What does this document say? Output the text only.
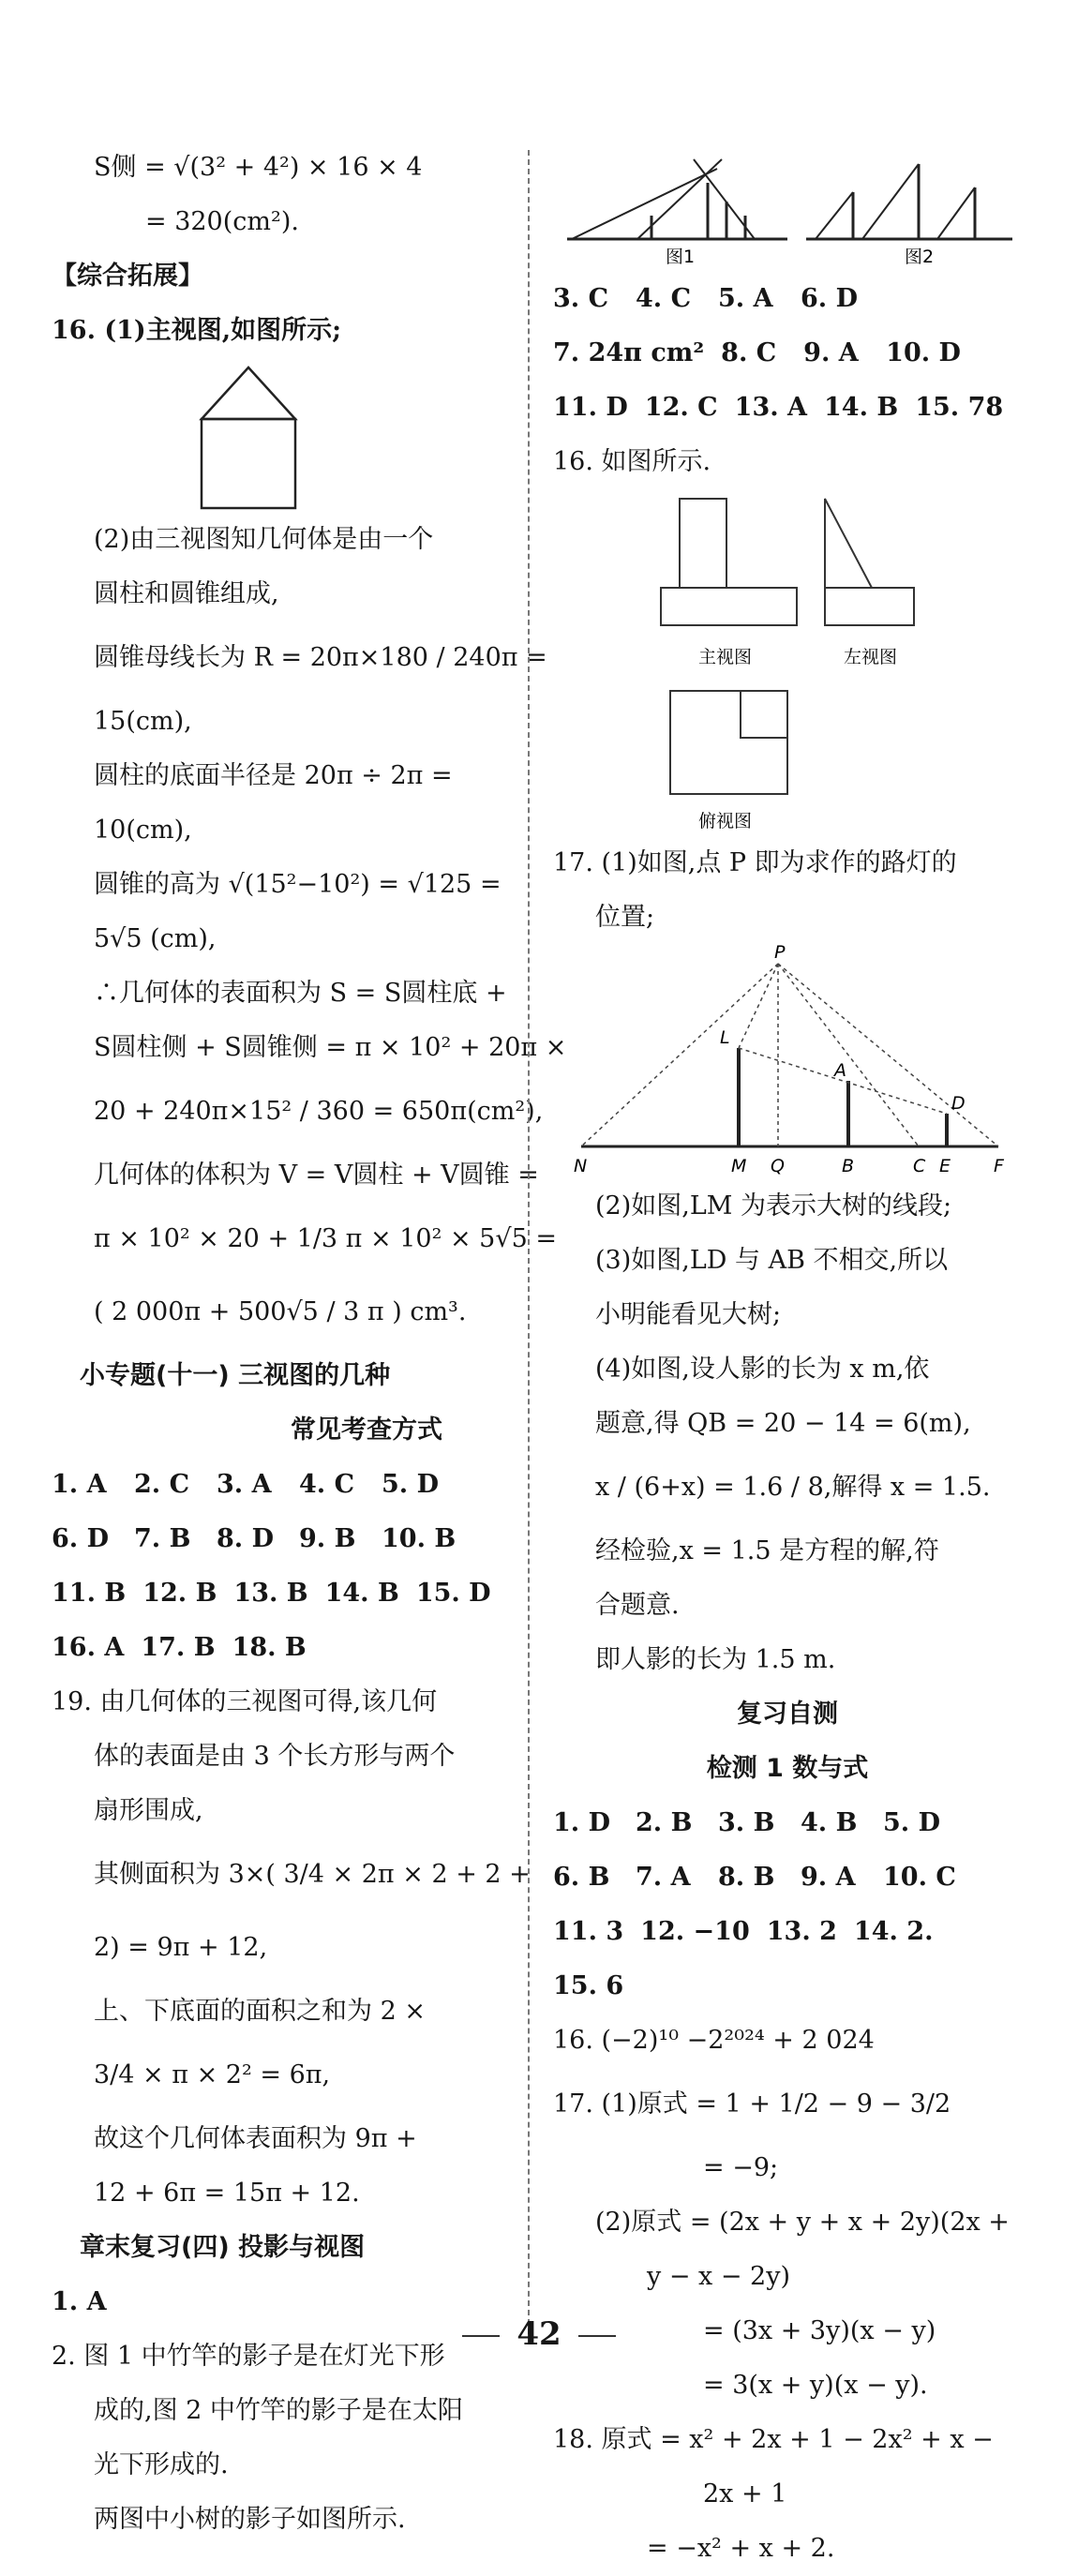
S侧 = √(3² + 4²) × 16 × 4
= 320(cm²).
【综合拓展】
16. (1)主视图,如图所示;
(2)由三视图知几何体是由一个
圆柱和圆锥组成,
圆锥母线长为 R = 20π×180 / 240π =
15(cm),
圆柱的底面半径是 20π ÷ 2π =
10(cm),
圆锥的高为 √(15²−10²) = √125 =
5√5 (cm),
∴几何体的表面积为 S = S圆柱底 +
S圆柱侧 + S圆锥侧 = π × 10² + 20π ×
20 + 240π×15² / 360 = 650π(cm²),
几何体的体积为 V = V圆柱 + V圆锥 =
π × 10² × 20 + 1/3 π × 10² × 5√5 =
( 2 000π + 500√5 / 3 π ) cm³.
小专题(十一) 三视图的几种
常见考查方式
1. A	2. C	3. A	4. C	5. D
6. D 7. B	8. D 9. B	10. B
11. B 12. B 13. B 14. B 15. D
16. A 17. B 18. B
19. 由几何体的三视图可得,该几何
体的表面是由 3 个长方形与两个
扇形围成,
其侧面积为 3×( 3/4 × 2π × 2 + 2 +
2) = 9π + 12,
上、下底面的面积之和为 2 ×
3/4 × π × 2² = 6π,
故这个几何体表面积为 9π +
12 + 6π = 15π + 12.
章末复习(四) 投影与视图
1. A
2. 图 1 中竹竿的影子是在灯光下形
成的,图 2 中竹竿的影子是在太阳
光下形成的.
两图中小树的影子如图所示.
图1	图2
3. C	4. C	5. A	6. D
7. 24π cm² 8. C	9. A	10. D
11. D 12. C 13. A 14. B 15. 78
16. 如图所示.
主视图	左视图
俯视图
17. (1)如图,点 P 即为求作的路灯的
位置;
P
L
A
D
N	M Q	B	C E F
(2)如图,LM 为表示大树的线段;
(3)如图,LD 与 AB 不相交,所以
小明能看见大树;
(4)如图,设人影的长为 x m,依
题意,得 QB = 20 − 14 = 6(m),
x / (6+x) = 1.6 / 8,解得 x = 1.5.
经检验,x = 1.5 是方程的解,符
合题意.
即人影的长为 1.5 m.
复习自测
检测 1 数与式
1. D 2. B	3. B	4. B	5. D
6. B	7. A	8. B	9. A	10. C
11. 3 12. −10 13. 2 14. 2.
15. 6
16. (−2)¹⁰ −2²⁰²⁴ + 2 024
17. (1)原式 = 1 + 1/2 − 9 − 3/2
= −9;
(2)原式 = (2x + y + x + 2y)(2x +
y − x − 2y)
= (3x + 3y)(x − y)
= 3(x + y)(x − y).
18. 原式 = x² + 2x + 1 − 2x² + x −
2x + 1
= −x² + x + 2.
42
